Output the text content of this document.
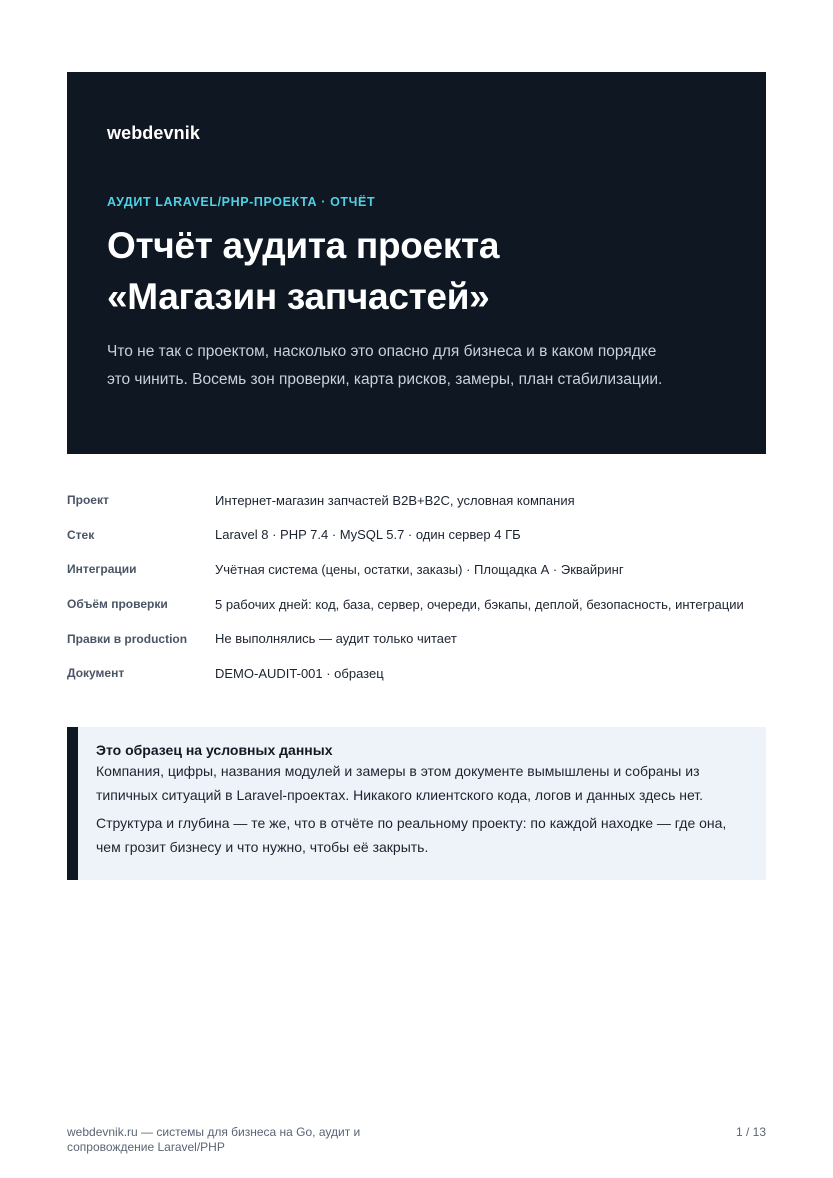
webdevnik
АУДИТ LARAVEL/PHP-ПРОЕКТА · ОТЧЁТ
Отчёт аудита проекта
«Магазин запчастей»
Что не так с проектом, насколько это опасно для бизнеса и в каком порядке
это чинить. Восемь зон проверки, карта рисков, замеры, план стабилизации.
Проект	Интернет-магазин запчастей B2B+B2C, условная компания
Стек	Laravel 8 · PHP 7.4 · MySQL 5.7 · один сервер 4 ГБ
Интеграции	Учётная система (цены, остатки, заказы) · Площадка А · Эквайринг
Объём проверки	5 рабочих дней: код, база, сервер, очереди, бэкапы, деплой, безопасность, интеграции
Правки в production	Не выполнялись — аудит только читает
Документ	DEMO-AUDIT-001 · образец
Это образец на условных данных

Компания, цифры, названия модулей и замеры в этом документе вымышлены и собраны из
типичных ситуаций в Laravel-проектах. Никакого клиентского кода, логов и данных здесь нет.

Структура и глубина — те же, что в отчёте по реальному проекту: по каждой находке — где она,
чем грозит бизнесу и что нужно, чтобы её закрыть.

webdevnik.ru — системы для бизнеса на Go, аудит и
сопровождение Laravel/PHP
1 / 13
